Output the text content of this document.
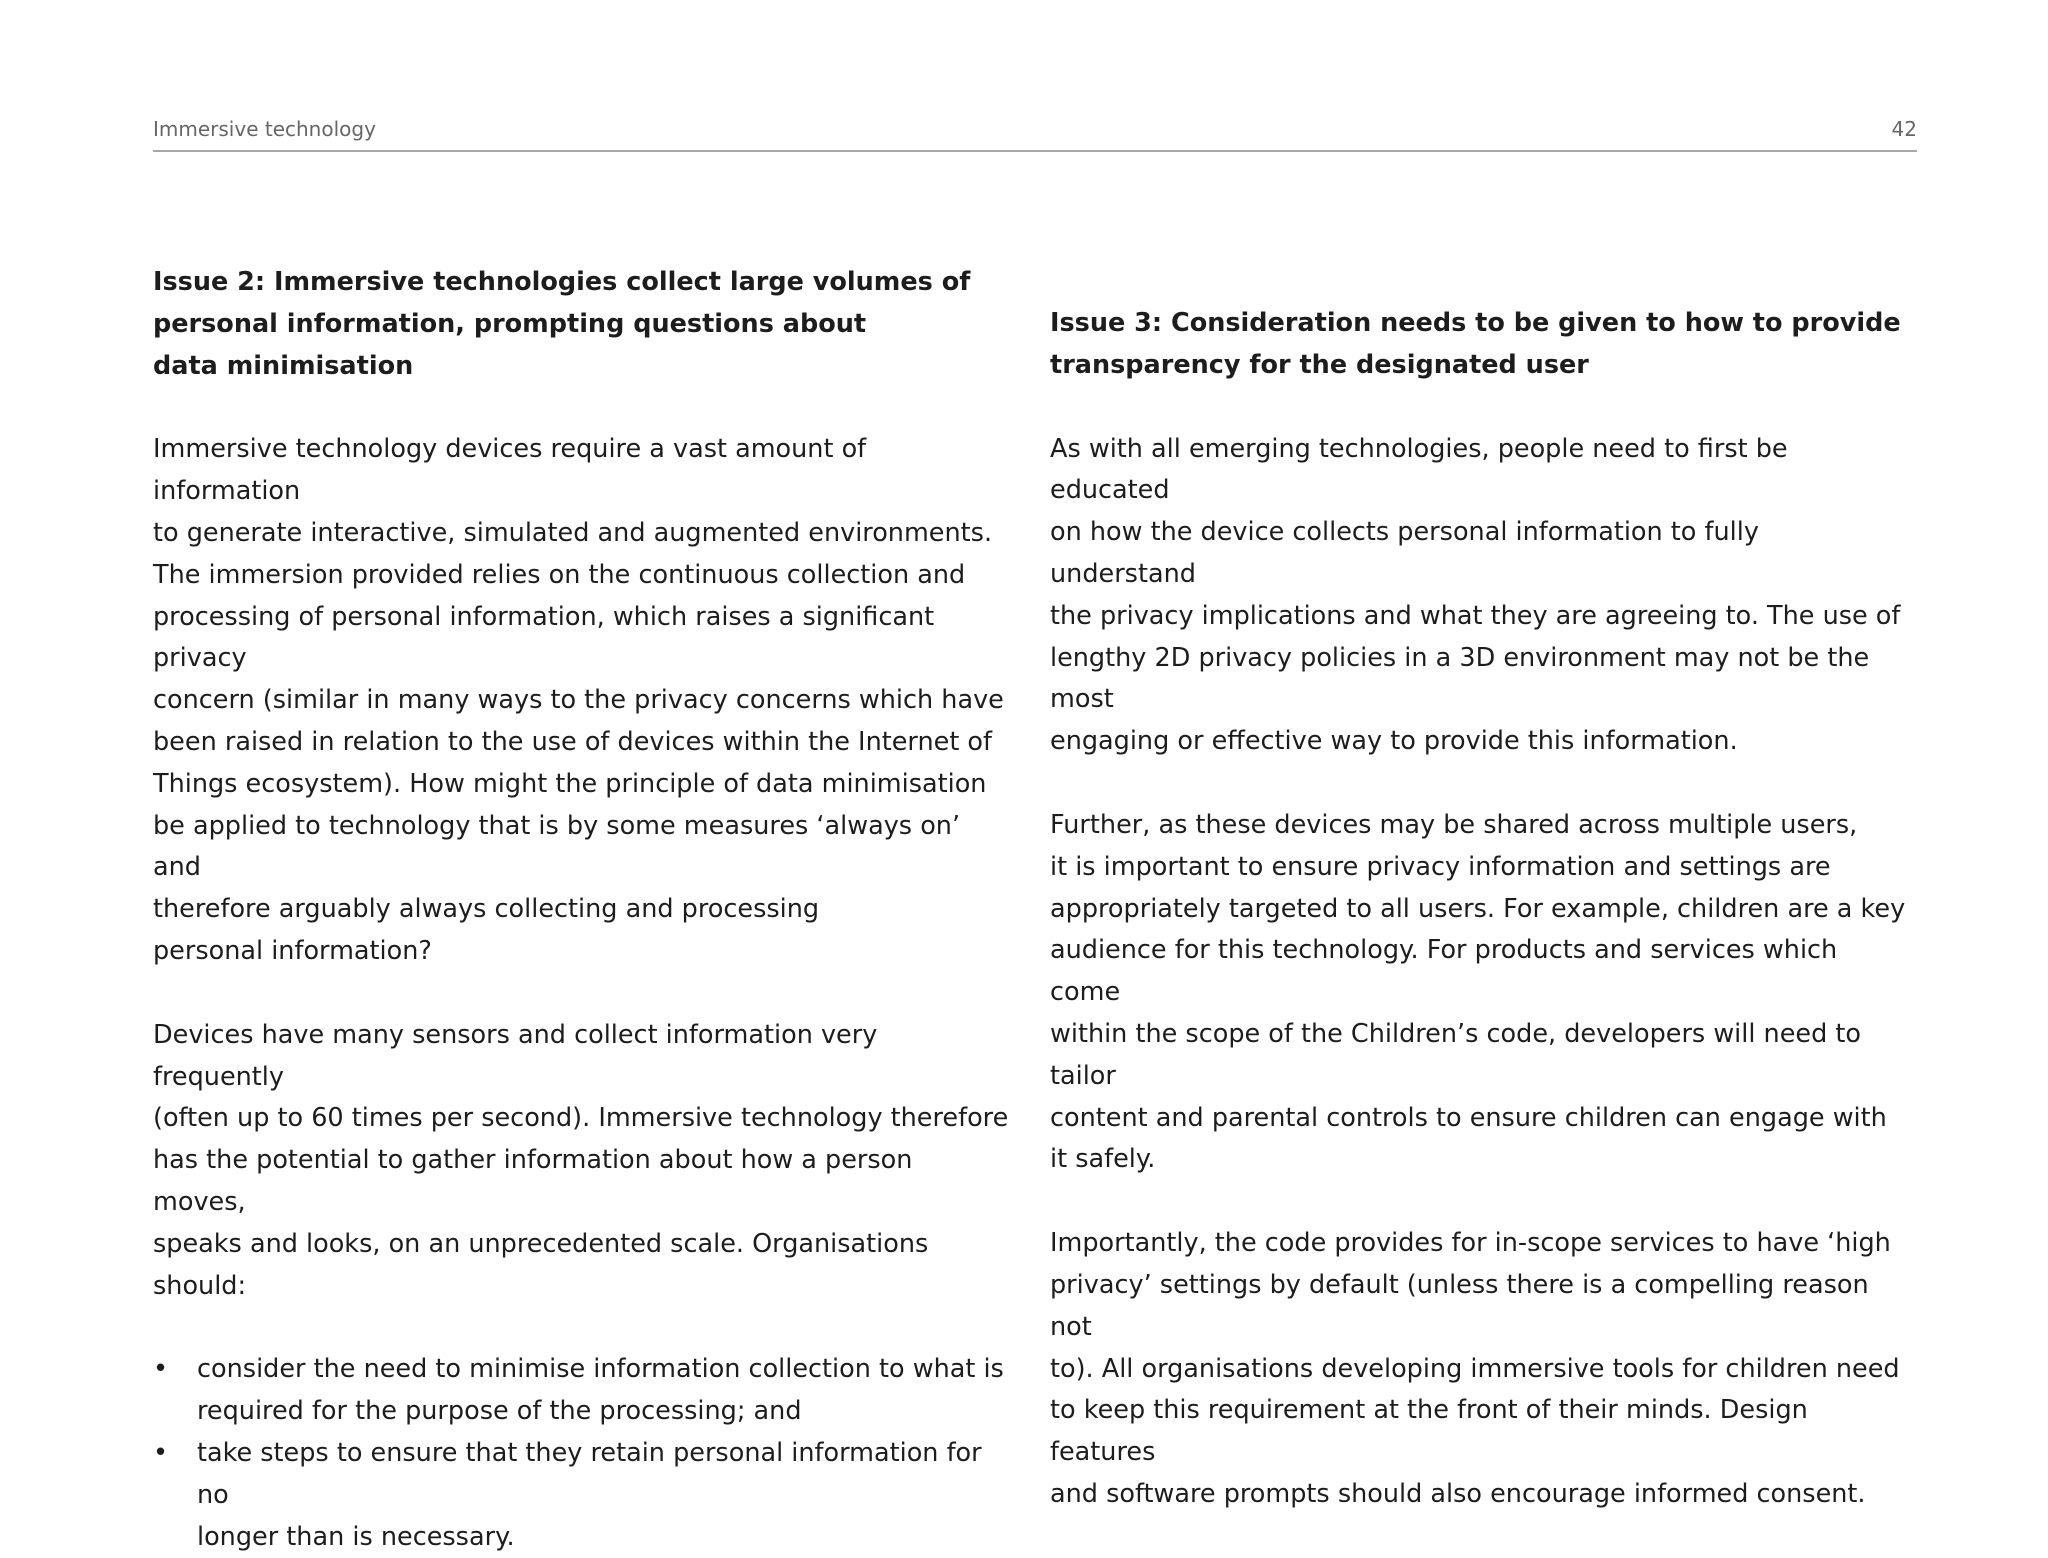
Immersive technology	42
Issue 2: Immersive technologies collect large volumes of
personal information, prompting questions about
data minimisation
Immersive technology devices require a vast amount of information
to generate interactive, simulated and augmented environments.
The immersion provided relies on the continuous collection and
processing of personal information, which raises a significant privacy
concern (similar in many ways to the privacy concerns which have
been raised in relation to the use of devices within the Internet of
Things ecosystem). How might the principle of data minimisation
be applied to technology that is by some measures ‘always on’ and
therefore arguably always collecting and processing
personal information?
Devices have many sensors and collect information very frequently
(often up to 60 times per second). Immersive technology therefore
has the potential to gather information about how a person moves,
speaks and looks, on an unprecedented scale. Organisations should:
• consider the need to minimise information collection to what is
required for the purpose of the processing; and
• take steps to ensure that they retain personal information for no
longer than is necessary.
Issue 3: Consideration needs to be given to how to provide
transparency for the designated user
As with all emerging technologies, people need to first be educated
on how the device collects personal information to fully understand
the privacy implications and what they are agreeing to. The use of
lengthy 2D privacy policies in a 3D environment may not be the most
engaging or effective way to provide this information.
Further, as these devices may be shared across multiple users,
it is important to ensure privacy information and settings are
appropriately targeted to all users. For example, children are a key
audience for this technology. For products and services which come
within the scope of the Children’s code, developers will need to tailor
content and parental controls to ensure children can engage with
it safely.
Importantly, the code provides for in-scope services to have ‘high
privacy’ settings by default (unless there is a compelling reason not
to). All organisations developing immersive tools for children need
to keep this requirement at the front of their minds. Design features
and software prompts should also encourage informed consent.
